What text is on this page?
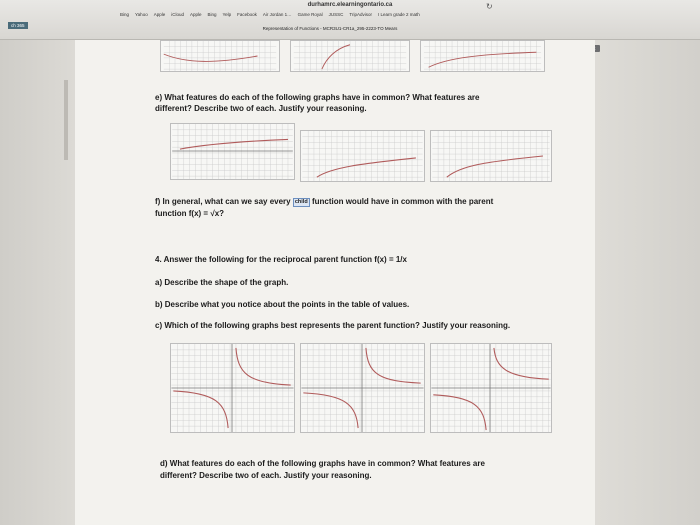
durhamrc.elearningontario.ca	↻
Bing Yahoo Apple iCloud Apple Bing Yelp Facebook Air Jordan 1… Game Royal JUSSC TripAdvisor I Learn grade 2 math
Representation of Functions - MCR3U1-CR1a_295-2223-TO Mears
ch 365
e) What features do each of the following graphs have in common? What features are
different? Describe two of each. Justify your reasoning.
f) In general, what can we say every child function would have in common with the parent
function f(x) = √x?
4. Answer the following for the reciprocal parent function f(x) = 1/x
a) Describe the shape of the graph.
b) Describe what you notice about the points in the table of values.
c) Which of the following graphs best represents the parent function? Justify your reasoning.
d) What features do each of the following graphs have in common? What features are
different? Describe two of each. Justify your reasoning.
